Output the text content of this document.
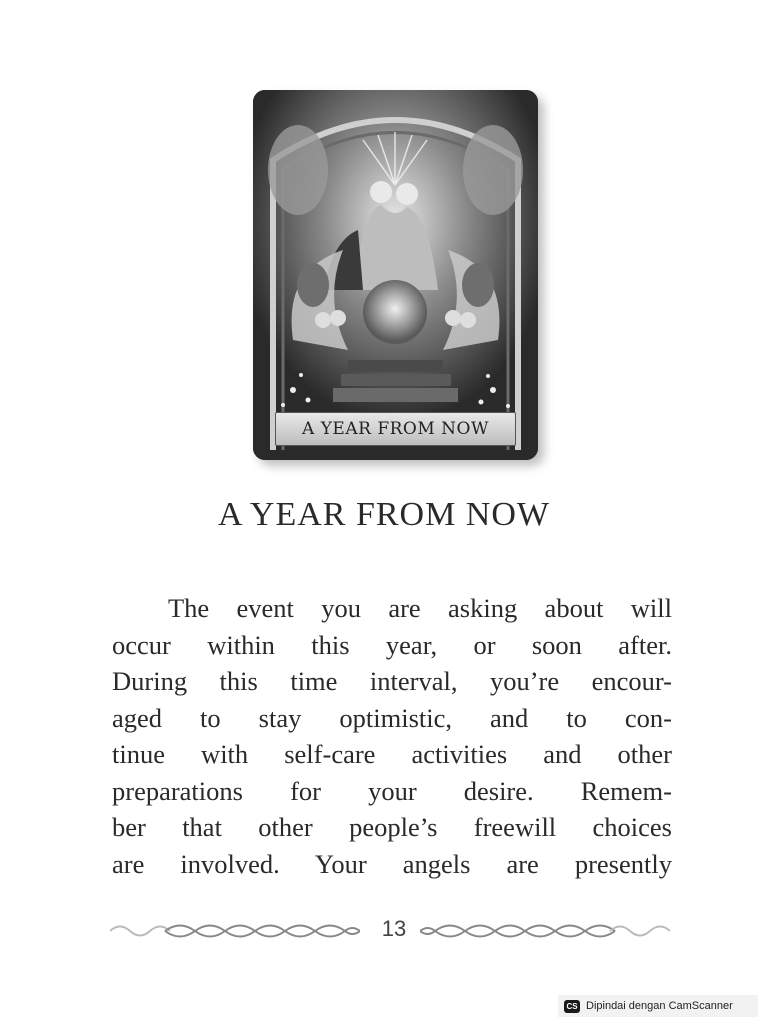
A YEAR FROM NOW
A YEAR FROM NOW
The event you are asking about will
occur within this year, or soon after.
During this time interval, you’re encour-
aged to stay optimistic, and to con-
tinue with self-care activities and other
preparations for your desire. Remem-
ber that other people’s freewill choices
are involved. Your angels are presently
13
CS Dipindai dengan CamScanner
